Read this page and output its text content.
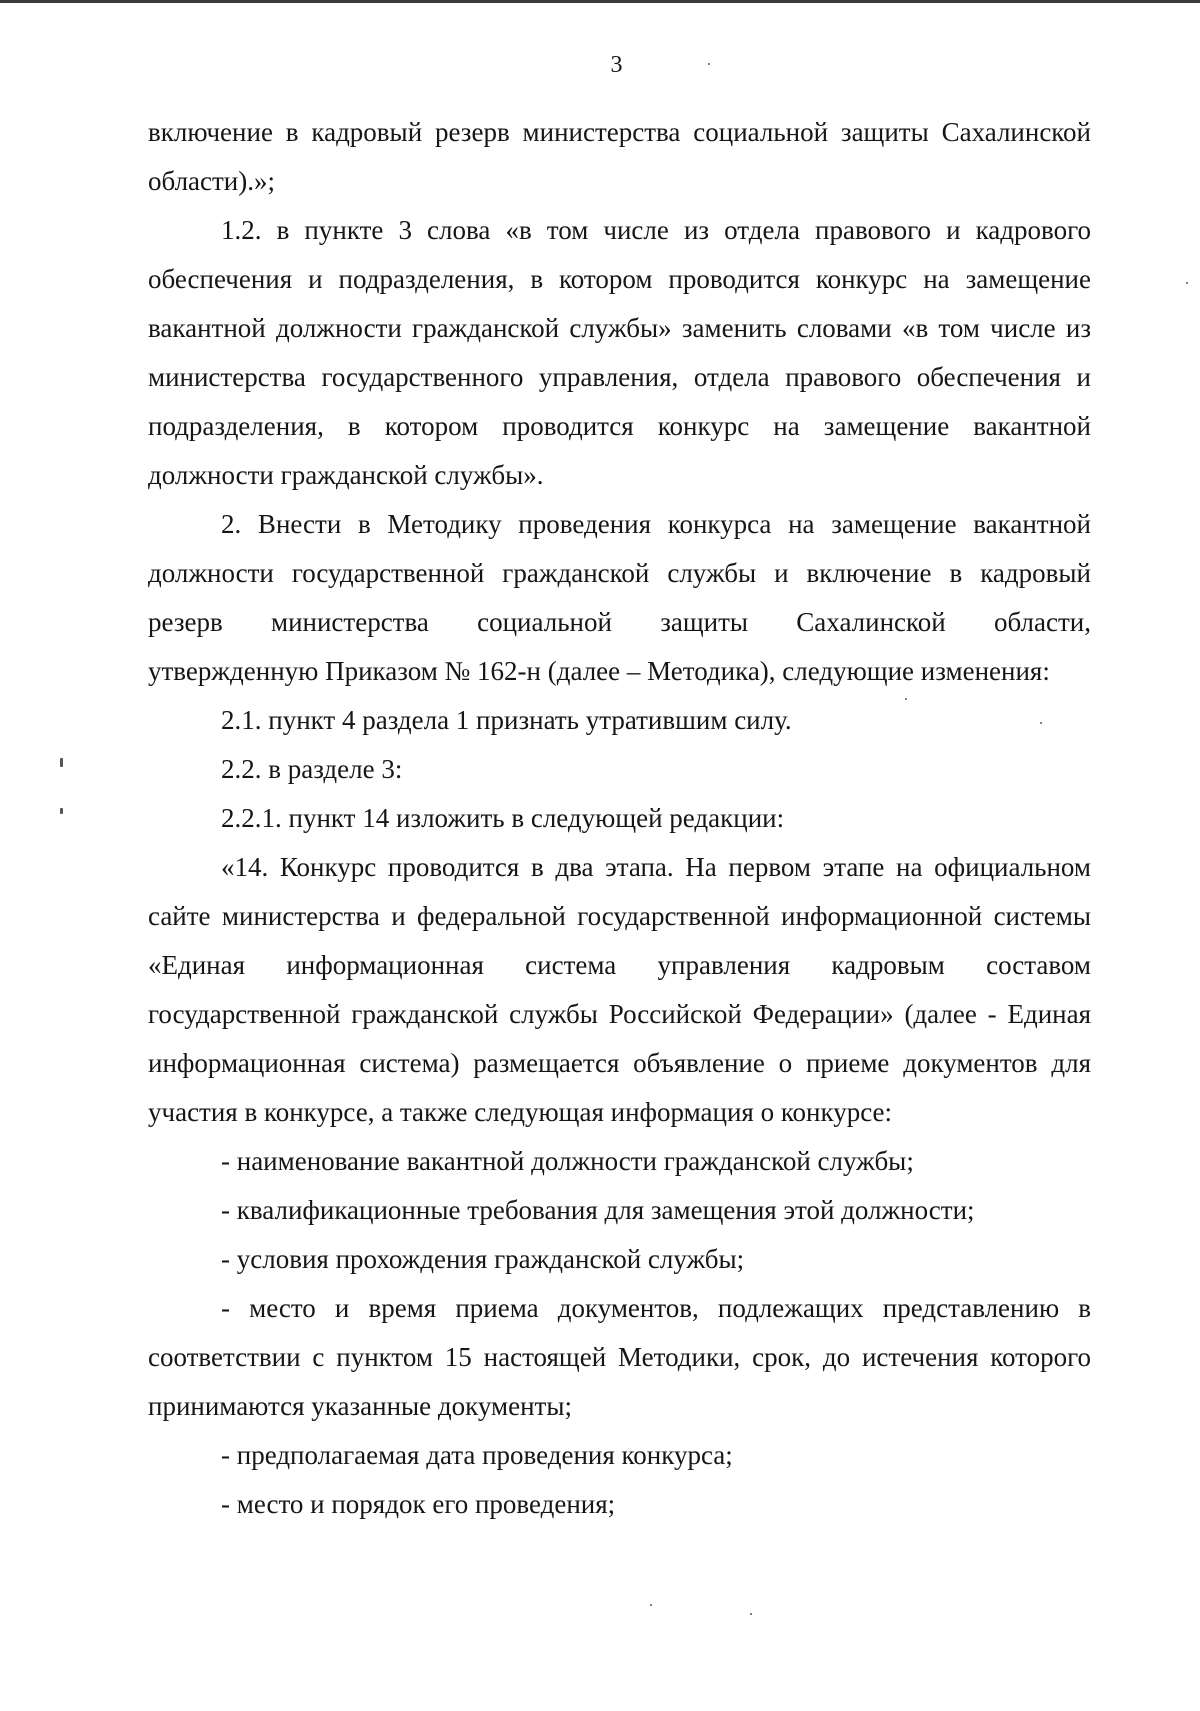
3

включение в кадровый резерв министерства социальной защиты Сахалинской области).»;

1.2. в пункте 3 слова «в том числе из отдела правового и кадрового обеспечения и подразделения, в котором проводится конкурс на замещение вакантной должности гражданской службы» заменить словами «в том числе из министерства государственного управления, отдела правового обеспечения и подразделения, в котором проводится конкурс на замещение вакантной должности гражданской службы».

2. Внести в Методику проведения конкурса на замещение вакантной должности государственной гражданской службы и включение в кадровый

резерв министерства социальной защиты Сахалинской области,

утвержденную Приказом № 162-н (далее – Методика), следующие изменения:

2.1. пункт 4 раздела 1 признать утратившим силу.

2.2. в разделе 3:

2.2.1. пункт 14 изложить в следующей редакции:

«14. Конкурс проводится в два этапа. На первом этапе на официальном сайте министерства и федеральной государственной информационной системы «Единая информационная система управления кадровым составом государственной гражданской службы Российской Федерации» (далее - Единая информационная система) размещается объявление о приеме документов для участия в конкурсе, а также следующая информация о конкурсе:

- наименование вакантной должности гражданской службы;

- квалификационные требования для замещения этой должности;

- условия прохождения гражданской службы;

- место и время приема документов, подлежащих представлению в соответствии с пунктом 15 настоящей Методики, срок, до истечения которого принимаются указанные документы;

- предполагаемая дата проведения конкурса;

- место и порядок его проведения;
